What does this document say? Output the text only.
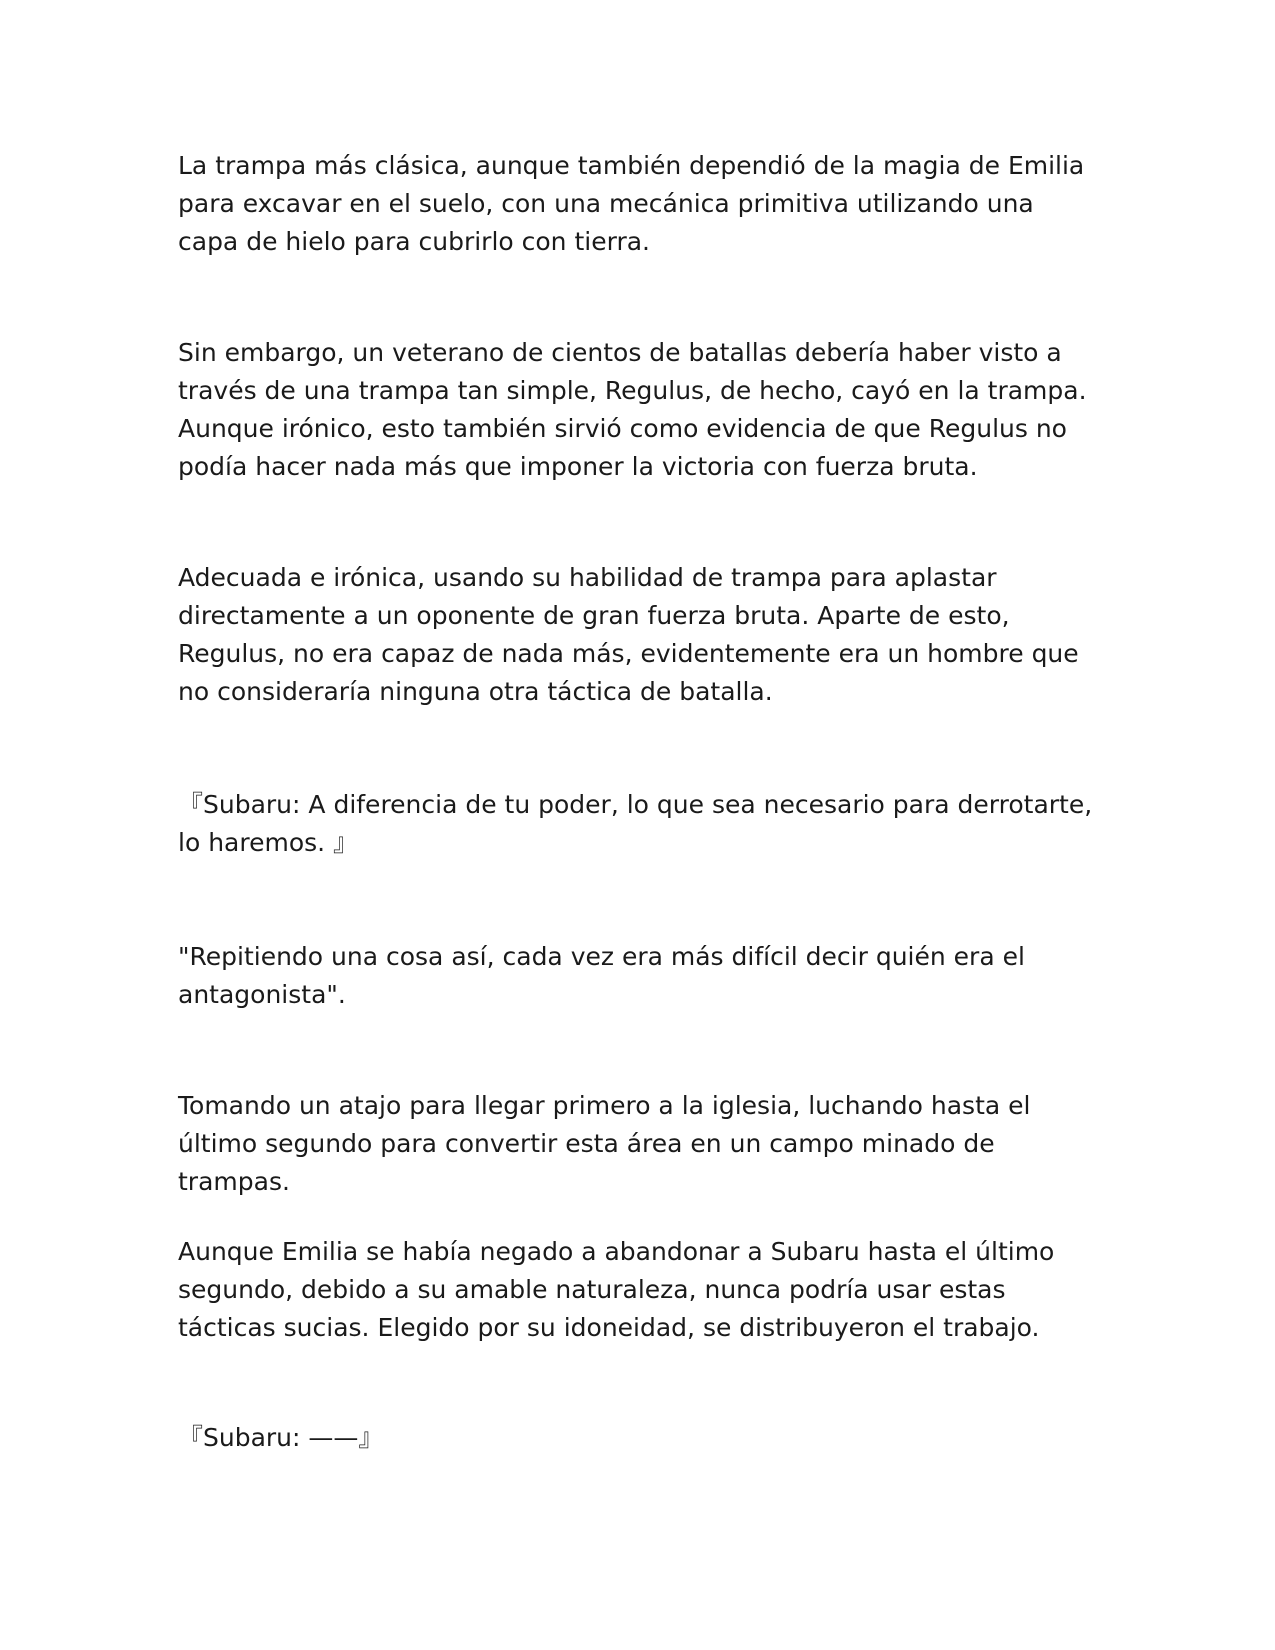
La trampa más clásica, aunque también dependió de la magia de Emilia para excavar en el suelo, con una mecánica primitiva utilizando una capa de hielo para cubrirlo con tierra.

Sin embargo, un veterano de cientos de batallas debería haber visto a través de una trampa tan simple, Regulus, de hecho, cayó en la trampa. Aunque irónico, esto también sirvió como evidencia de que Regulus no podía hacer nada más que imponer la victoria con fuerza bruta.

Adecuada e irónica, usando su habilidad de trampa para aplastar directamente a un oponente de gran fuerza bruta. Aparte de esto, Regulus, no era capaz de nada más, evidentemente era un hombre que no consideraría ninguna otra táctica de batalla.

『Subaru: A diferencia de tu poder, lo que sea necesario para derrotarte, lo haremos. 』

"Repitiendo una cosa así, cada vez era más difícil decir quién era el antagonista".

Tomando un atajo para llegar primero a la iglesia, luchando hasta el último segundo para convertir esta área en un campo minado de trampas.

Aunque Emilia se había negado a abandonar a Subaru hasta el último segundo, debido a su amable naturaleza, nunca podría usar estas tácticas sucias. Elegido por su idoneidad, se distribuyeron el trabajo.

『Subaru: ——』
